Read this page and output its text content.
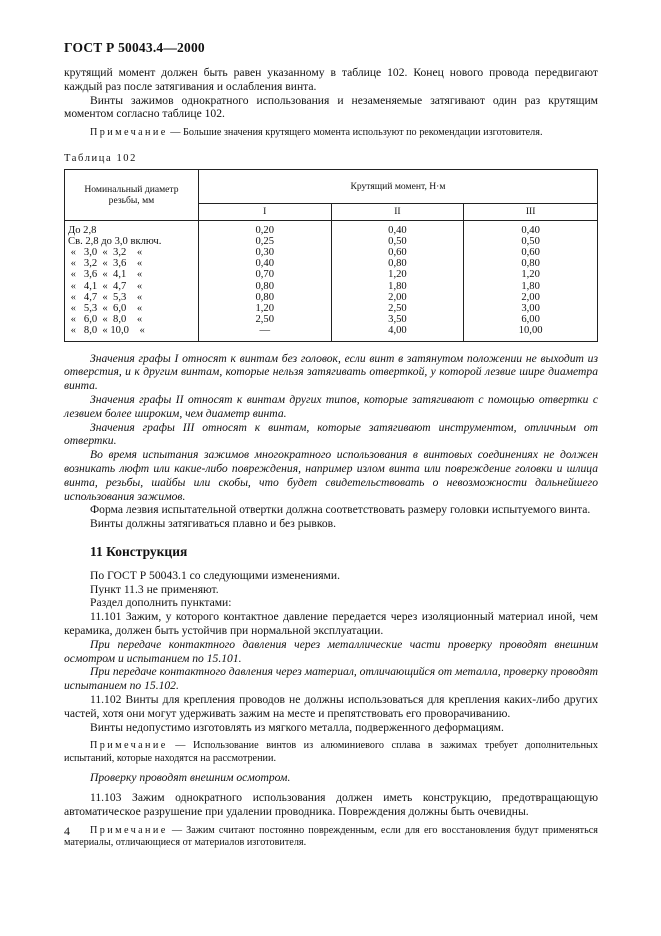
ГОСТ Р 50043.4—2000

крутящий момент должен быть равен указанному в таблице 102. Конец нового провода передвигают каждый раз после затягивания и ослабления винта.

Винты зажимов однократного использования и незаменяемые затягивают один раз крутящим моментом согласно таблице 102.

Примечание — Большие значения крутящего момента используют по рекомендации изготовителя.

Таблица 102

Номинальный диаметр резьбы, мм	Крутящий момент, Н·м		
	I	II	III
До 2,8	0,20	0,40	0,40
Св. 2,8 до 3,0 включ.	0,25	0,50	0,50
«   3,0  «  3,2    «	0,30	0,60	0,60
«   3,2  «  3,6    «	0,40	0,80	0,80
«   3,6  «  4,1    «	0,70	1,20	1,20
«   4,1  «  4,7    «	0,80	1,80	1,80
«   4,7  «  5,3    «	0,80	2,00	2,00
«   5,3  «  6,0    «	1,20	2,50	3,00
«   6,0  «  8,0    «	2,50	3,50	6,00
«   8,0  « 10,0    «	—	4,00	10,00

Значения графы I относят к винтам без головок, если винт в затянутом положении не выходит из отверстия, и к другим винтам, которые нельзя затягивать отверткой, у которой лезвие шире диаметра винта.

Значения графы II относят к винтам других типов, которые затягивают с помощью отвертки с лезвием более широким, чем диаметр винта.

Значения графы III относят к винтам, которые затягивают инструментом, отличным от отвертки.

Во время испытания зажимов многократного использования в винтовых соединениях не должен возникать люфт или какие-либо повреждения, например излом винта или повреждение головки и шлица винта, резьбы, шайбы или скобы, что будет свидетельствовать о невозможности дальнейшего использования зажимов.

Форма лезвия испытательной отвертки должна соответствовать размеру головки испытуемого винта.

Винты должны затягиваться плавно и без рывков.

11 Конструкция

По ГОСТ Р 50043.1 со следующими изменениями.

Пункт 11.3 не применяют.

Раздел дополнить пунктами:

11.101 Зажим, у которого контактное давление передается через изоляционный материал иной, чем керамика, должен быть устойчив при нормальной эксплуатации.

При передаче контактного давления через металлические части проверку проводят внешним осмотром и испытанием по 15.101.

При передаче контактного давления через материал, отличающийся от металла, проверку проводят испытанием по 15.102.

11.102 Винты для крепления проводов не должны использоваться для крепления каких-либо других частей, хотя они могут удерживать зажим на месте и препятствовать его проворачиванию.

Винты недопустимо изготовлять из мягкого металла, подверженного деформациям.

Примечание — Использование винтов из алюминиевого сплава в зажимах требует дополнительных испытаний, которые находятся на рассмотрении.

Проверку проводят внешним осмотром.

11.103 Зажим однократного использования должен иметь конструкцию, предотвращающую автоматическое разрушение при удалении проводника. Повреждения должны быть очевидны.

Примечание — Зажим считают постоянно поврежденным, если для его восстановления будут применяться материалы, отличающиеся от материалов изготовителя.

4
